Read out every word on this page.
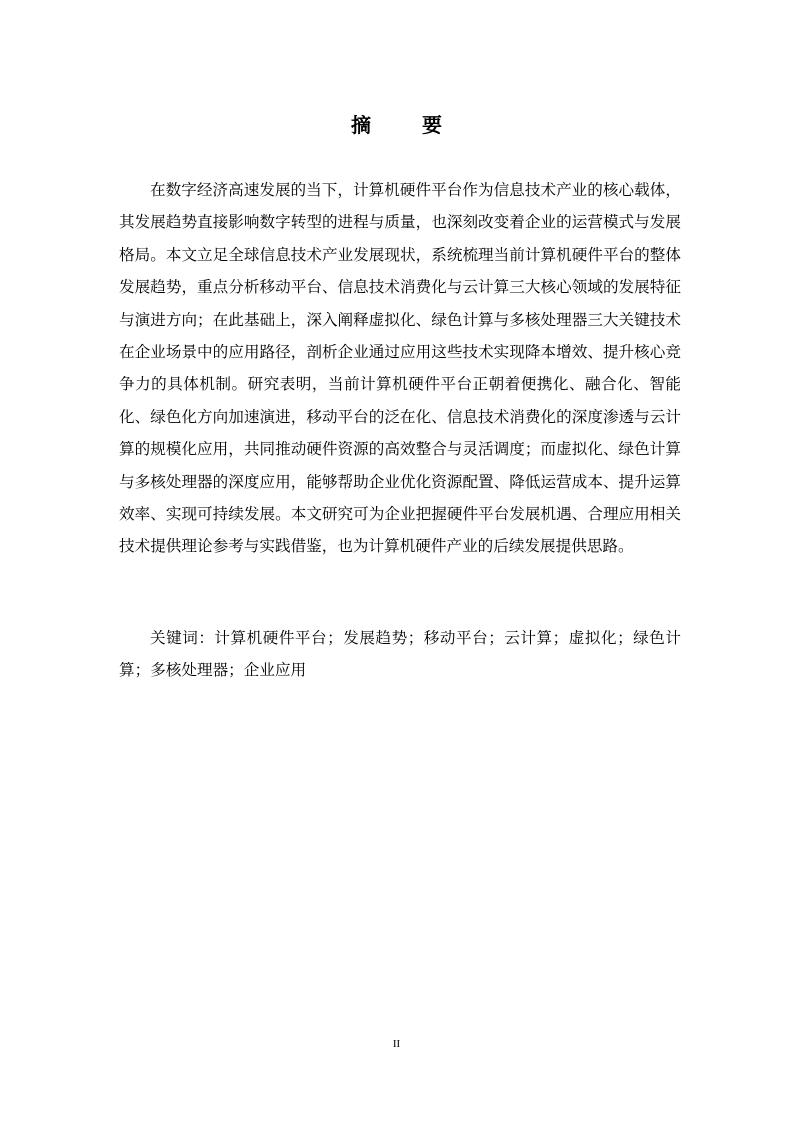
摘 要

在数字经济高速发展的当下，计算机硬件平台作为信息技术产业的核心载体，其发展趋势直接影响数字转型的进程与质量，也深刻改变着企业的运营模式与发展格局。本文立足全球信息技术产业发展现状，系统梳理当前计算机硬件平台的整体发展趋势，重点分析移动平台、信息技术消费化与云计算三大核心领域的发展特征与演进方向；在此基础上，深入阐释虚拟化、绿色计算与多核处理器三大关键技术在企业场景中的应用路径，剖析企业通过应用这些技术实现降本增效、提升核心竞争力的具体机制。研究表明，当前计算机硬件平台正朝着便携化、融合化、智能化、绿色化方向加速演进，移动平台的泛在化、信息技术消费化的深度渗透与云计算的规模化应用，共同推动硬件资源的高效整合与灵活调度；而虚拟化、绿色计算与多核处理器的深度应用，能够帮助企业优化资源配置、降低运营成本、提升运算效率、实现可持续发展。本文研究可为企业把握硬件平台发展机遇、合理应用相关技术提供理论参考与实践借鉴，也为计算机硬件产业的后续发展提供思路。

关键词：计算机硬件平台；发展趋势；移动平台；云计算；虚拟化；绿色计算；多核处理器；企业应用

II
